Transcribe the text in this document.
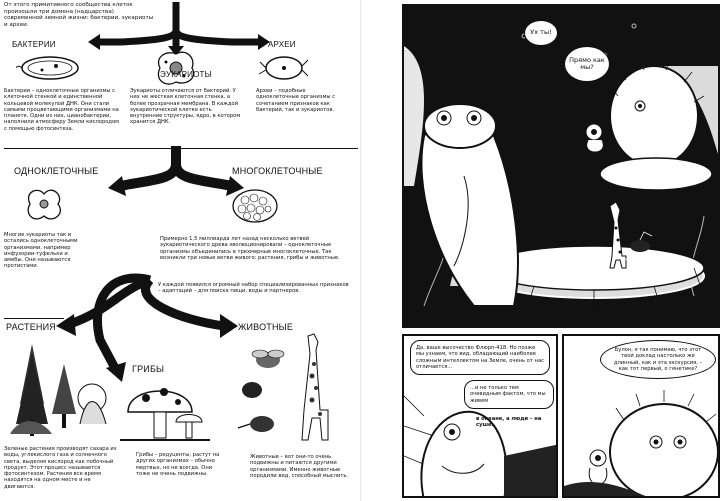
От этого примитивного сообщества клеток произошли три домена (надцарства) современной земной жизни: бактерии, эукариоты и археи.
БАКТЕРИИ
Бактерии – одноклеточные организмы с клеточной стенкой и единственной кольцевой молекулой ДНК. Они стали самыми процветающими организмами на планете. Одни из них, цианобактерии, наполнили атмосферу Земли кислородом с помощью фотосинтеза.
ЭУКАРИОТЫ
Эукариоты отличаются от бактерий. У них не жесткая клеточная стенка, а более прозрачная мембрана. В каждой эукариотической клетке есть внутренние структуры, ядро, в котором хранится ДНК.
АРХЕИ
Археи – подобные одноклеточные организмы с сочетанием признаков как бактерий, так и эукариотов.
ОДНОКЛЕТОЧНЫЕ
Многие эукариоты так и остались одноклеточными организмами, например инфузории-туфельки и амебы. Они называются протистами.
МНОГОКЛЕТОЧНЫЕ
Примерно 1,5 миллиарда лет назад несколько ветвей эукариотического древа эволюционировали – одноклеточные организмы объединились в трехмерные многоклеточные. Так возникли три новые ветви живого: растения, грибы и животные.
У каждой появился огромный набор специализированных признаков – адаптаций – для поиска пищи, воды и партнеров.
РАСТЕНИЯ
Зеленые растения производят сахара из воды, углекислого газа и солнечного света, выделяя кислород как побочный продукт. Этот процесс называется фотосинтезом. Растения все время находятся на одном месте и не двигаются.
ГРИБЫ
Грибы – редуценты, растут на других организмах – обычно мертвых, но не всегда. Они тоже не очень подвижны.
ЖИВОТНЫЕ
Животные – вот они-то очень подвижны и питаются другими организмами. Именно животные породили вид, способный мыслить.
Ух ты!
Прямо как мы?
Да, ваше высочество Флюрп-418. Но позже мы узнаем, что вид, обладающий наиболее сложным интеллектом на Земле, очень от нас отличается...
...и не только тем очевидным фактом, что мы живем
в океане, а люди – на суше.
Булон, я так понимаю, что этот твой доклад настолько же длинный, как и эта экскурсия, – как тот первый, о генетике?
